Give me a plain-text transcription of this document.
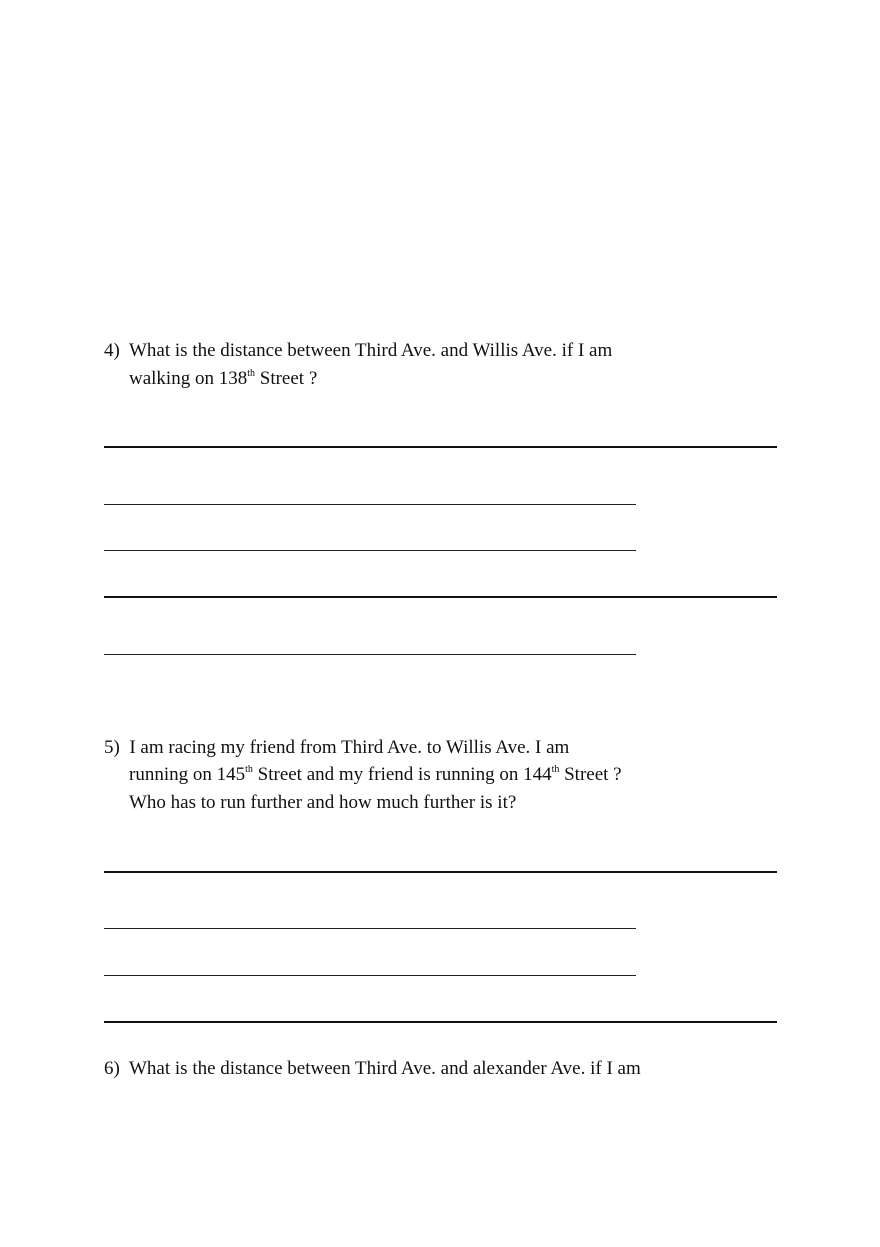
4) What is the distance between Third Ave. and Willis Ave. if I am

walking on 138th Street ?

5) I am racing my friend from Third Ave. to Willis Ave. I am

running on 145th Street and my friend is running on 144th Street ?

Who has to run further and how much further is it?

6) What is the distance between Third Ave. and alexander Ave. if I am
